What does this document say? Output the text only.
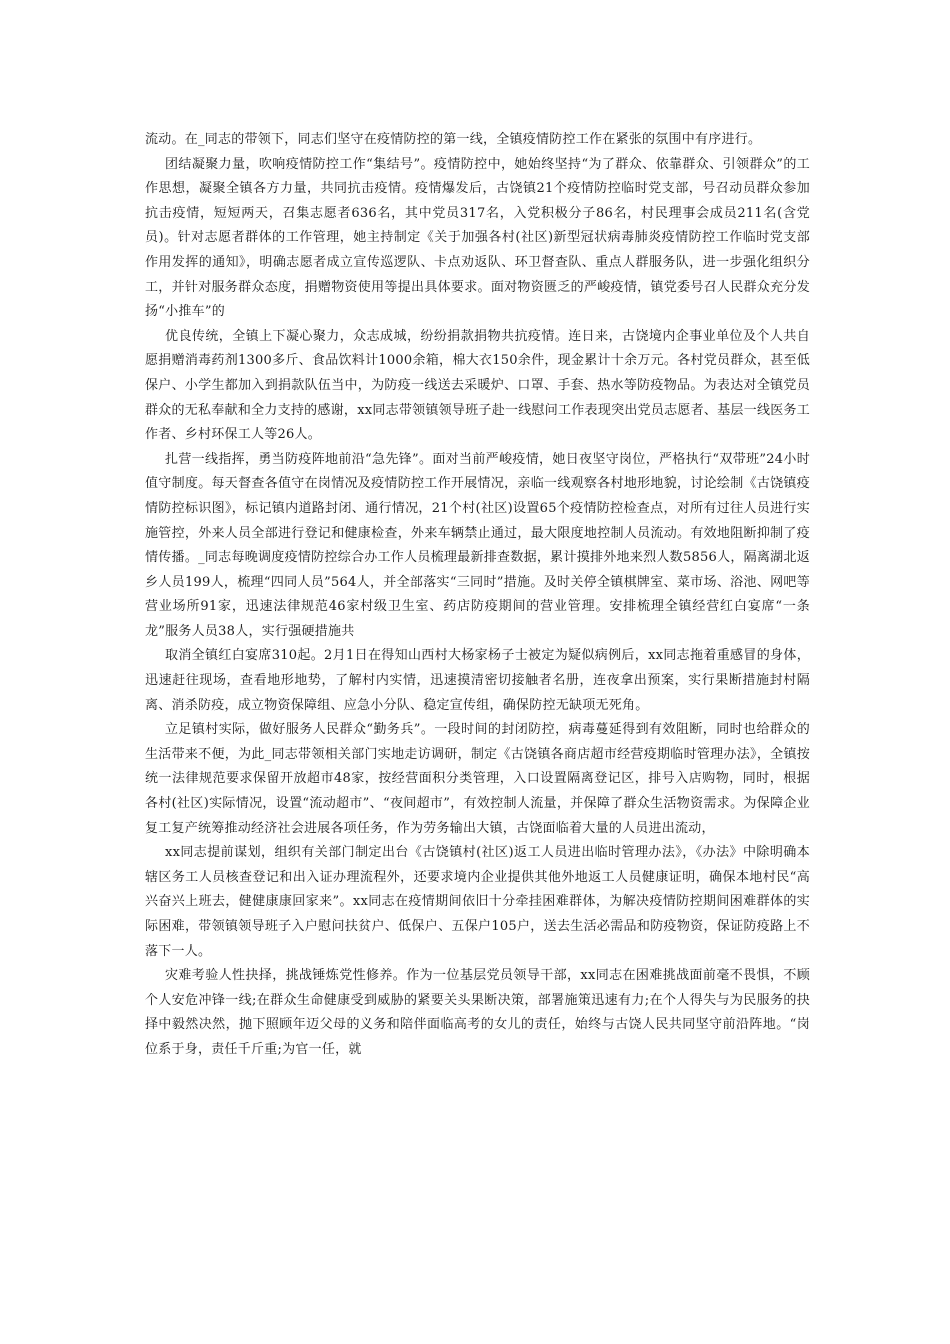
流动。在_同志的带领下，同志们坚守在疫情防控的第一线，全镇疫情防控工作在紧张的氛围中有序进行。

团结凝聚力量，吹响疫情防控工作“集结号”。疫情防控中，她始终坚持“为了群众、依靠群众、引领群众”的工作思想，凝聚全镇各方力量，共同抗击疫情。疫情爆发后，古饶镇21个疫情防控临时党支部，号召动员群众参加抗击疫情，短短两天，召集志愿者636名，其中党员317名，入党积极分子86名，村民理事会成员211名(含党员)。针对志愿者群体的工作管理，她主持制定《关于加强各村(社区)新型冠状病毒肺炎疫情防控工作临时党支部作用发挥的通知》，明确志愿者成立宣传巡逻队、卡点劝返队、环卫督查队、重点人群服务队，进一步强化组织分工，并针对服务群众态度，捐赠物资使用等提出具体要求。面对物资匮乏的严峻疫情，镇党委号召人民群众充分发扬“小推车”的

优良传统，全镇上下凝心聚力，众志成城，纷纷捐款捐物共抗疫情。连日来，古饶境内企事业单位及个人共自愿捐赠消毒药剂1300多斤、食品饮料计1000余箱，棉大衣150余件，现金累计十余万元。各村党员群众，甚至低保户、小学生都加入到捐款队伍当中，为防疫一线送去采暖炉、口罩、手套、热水等防疫物品。为表达对全镇党员群众的无私奉献和全力支持的感谢，xx同志带领镇领导班子赴一线慰问工作表现突出党员志愿者、基层一线医务工作者、乡村环保工人等26人。

扎营一线指挥，勇当防疫阵地前沿“急先锋”。面对当前严峻疫情，她日夜坚守岗位，严格执行“双带班”24小时值守制度。每天督查各值守在岗情况及疫情防控工作开展情况，亲临一线观察各村地形地貌，讨论绘制《古饶镇疫情防控标识图》，标记镇内道路封闭、通行情况，21个村(社区)设置65个疫情防控检查点，对所有过往人员进行实施管控，外来人员全部进行登记和健康检查，外来车辆禁止通过，最大限度地控制人员流动。有效地阻断抑制了疫情传播。_同志每晚调度疫情防控综合办工作人员梳理最新排查数据，累计摸排外地来烈人数5856人，隔离湖北返乡人员199人，梳理“四同人员”564人，并全部落实“三同时”措施。及时关停全镇棋牌室、菜市场、浴池、网吧等营业场所91家，迅速法律规范46家村级卫生室、药店防疫期间的营业管理。安排梳理全镇经营红白宴席“一条龙”服务人员38人，实行强硬措施共

取消全镇红白宴席310起。2月1日在得知山西村大杨家杨子士被定为疑似病例后，xx同志拖着重感冒的身体，迅速赶往现场，查看地形地势，了解村内实情，迅速摸清密切接触者名册，连夜拿出预案，实行果断措施封村隔离、消杀防疫，成立物资保障组、应急小分队、稳定宣传组，确保防控无缺项无死角。

立足镇村实际，做好服务人民群众“勤务兵”。一段时间的封闭防控，病毒蔓延得到有效阻断，同时也给群众的生活带来不便，为此_同志带领相关部门实地走访调研，制定《古饶镇各商店超市经营疫期临时管理办法》，全镇按统一法律规范要求保留开放超市48家，按经营面积分类管理，入口设置隔离登记区，排号入店购物，同时，根据各村(社区)实际情况，设置“流动超市”、“夜间超市”，有效控制人流量，并保障了群众生活物资需求。为保障企业复工复产统筹推动经济社会进展各项任务，作为劳务输出大镇，古饶面临着大量的人员进出流动，

xx同志提前谋划，组织有关部门制定出台《古饶镇村(社区)返工人员进出临时管理办法》，《办法》中除明确本辖区务工人员核查登记和出入证办理流程外，还要求境内企业提供其他外地返工人员健康证明，确保本地村民“高兴奋兴上班去，健健康康回家来”。xx同志在疫情期间依旧十分牵挂困难群体，为解决疫情防控期间困难群体的实际困难，带领镇领导班子入户慰问扶贫户、低保户、五保户105户，送去生活必需品和防疫物资，保证防疫路上不落下一人。

灾难考验人性抉择，挑战锤炼党性修养。作为一位基层党员领导干部，xx同志在困难挑战面前毫不畏惧，不顾个人安危冲锋一线;在群众生命健康受到威胁的紧要关头果断决策，部署施策迅速有力;在个人得失与为民服务的抉择中毅然决然，抛下照顾年迈父母的义务和陪伴面临高考的女儿的责任，始终与古饶人民共同坚守前沿阵地。“岗位系于身，责任千斤重;为官一任，就
